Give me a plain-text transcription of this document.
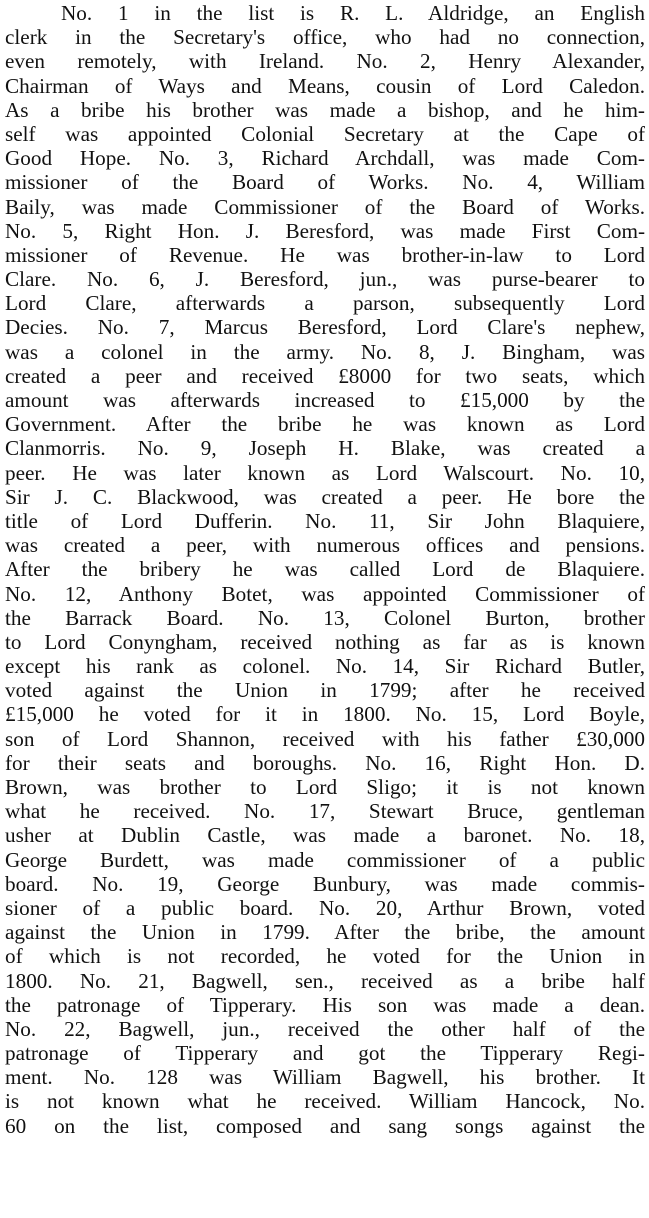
No. 1 in the list is R. L. Aldridge, an English
clerk in the Secretary's office, who had no connection,
even remotely, with Ireland. No. 2, Henry Alexander,
Chairman of Ways and Means, cousin of Lord Caledon.
As a bribe his brother was made a bishop, and he him-
self was appointed Colonial Secretary at the Cape of
Good Hope. No. 3, Richard Archdall, was made Com-
missioner of the Board of Works. No. 4, William
Baily, was made Commissioner of the Board of Works.
No. 5, Right Hon. J. Beresford, was made First Com-
missioner of Revenue. He was brother-in-law to Lord
Clare. No. 6, J. Beresford, jun., was purse-bearer to
Lord Clare, afterwards a parson, subsequently Lord
Decies. No. 7, Marcus Beresford, Lord Clare's nephew,
was a colonel in the army. No. 8, J. Bingham, was
created a peer and received £8000 for two seats, which
amount was afterwards increased to £15,000 by the
Government. After the bribe he was known as Lord
Clanmorris. No. 9, Joseph H. Blake, was created a
peer. He was later known as Lord Walscourt. No. 10,
Sir J. C. Blackwood, was created a peer. He bore the
title of Lord Dufferin. No. 11, Sir John Blaquiere,
was created a peer, with numerous offices and pensions.
After the bribery he was called Lord de Blaquiere.
No. 12, Anthony Botet, was appointed Commissioner of
the Barrack Board. No. 13, Colonel Burton, brother
to Lord Conyngham, received nothing as far as is known
except his rank as colonel. No. 14, Sir Richard Butler,
voted against the Union in 1799; after he received
£15,000 he voted for it in 1800. No. 15, Lord Boyle,
son of Lord Shannon, received with his father £30,000
for their seats and boroughs. No. 16, Right Hon. D.
Brown, was brother to Lord Sligo; it is not known
what he received. No. 17, Stewart Bruce, gentleman
usher at Dublin Castle, was made a baronet. No. 18,
George Burdett, was made commissioner of a public
board. No. 19, George Bunbury, was made commis-
sioner of a public board. No. 20, Arthur Brown, voted
against the Union in 1799. After the bribe, the amount
of which is not recorded, he voted for the Union in
1800. No. 21, Bagwell, sen., received as a bribe half
the patronage of Tipperary. His son was made a dean.
No. 22, Bagwell, jun., received the other half of the
patronage of Tipperary and got the Tipperary Regi-
ment. No. 128 was William Bagwell, his brother. It
is not known what he received. William Hancock, No.
60 on the list, composed and sang songs against the
